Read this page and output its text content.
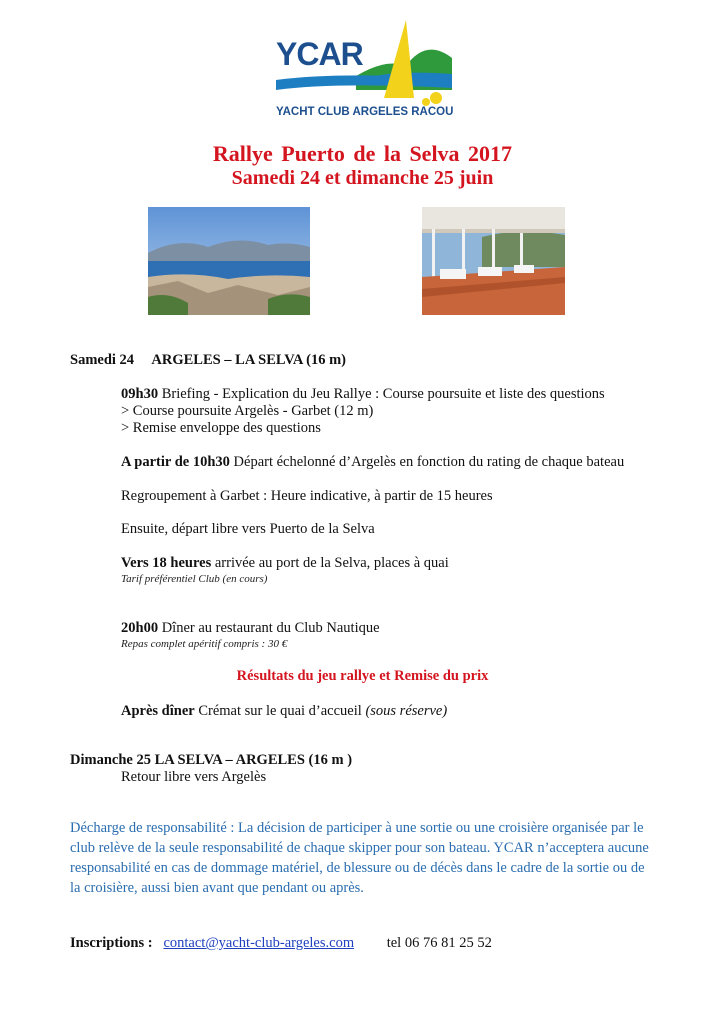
YCAR
YACHT CLUB ARGELES RACOU
Rallye Puerto de la Selva 2017
Samedi 24 et dimanche 25 juin
Samedi 24 ARGELES – LA SELVA (16 m)
09h30 Briefing - Explication du Jeu Rallye : Course poursuite et liste des questions
> Course poursuite Argelès - Garbet (12 m)
> Remise enveloppe des questions
A partir de 10h30 Départ échelonné d’Argelès en fonction du rating de chaque bateau
Regroupement à Garbet : Heure indicative, à partir de 15 heures
Ensuite, départ libre vers Puerto de la Selva
Vers 18 heures arrivée au port de la Selva, places à quai
Tarif préférentiel Club (en cours)
20h00 Dîner au restaurant du Club Nautique
Repas complet apéritif compris : 30 €
Résultats du jeu rallye et Remise du prix
Après dîner Crémat sur le quai d’accueil (sous réserve)
Dimanche 25 LA SELVA – ARGELES (16 m )
Retour libre vers Argelès
Décharge de responsabilité : La décision de participer à une sortie ou une croisière organisée par le
club relève de la seule responsabilité de chaque skipper pour son bateau. YCAR n’acceptera aucune
responsabilité en cas de dommage matériel, de blessure ou de décès dans le cadre de la sortie ou de
la croisière, aussi bien avant que pendant ou après.
Inscriptions : contact@yacht-club-argeles.com tel 06 76 81 25 52
